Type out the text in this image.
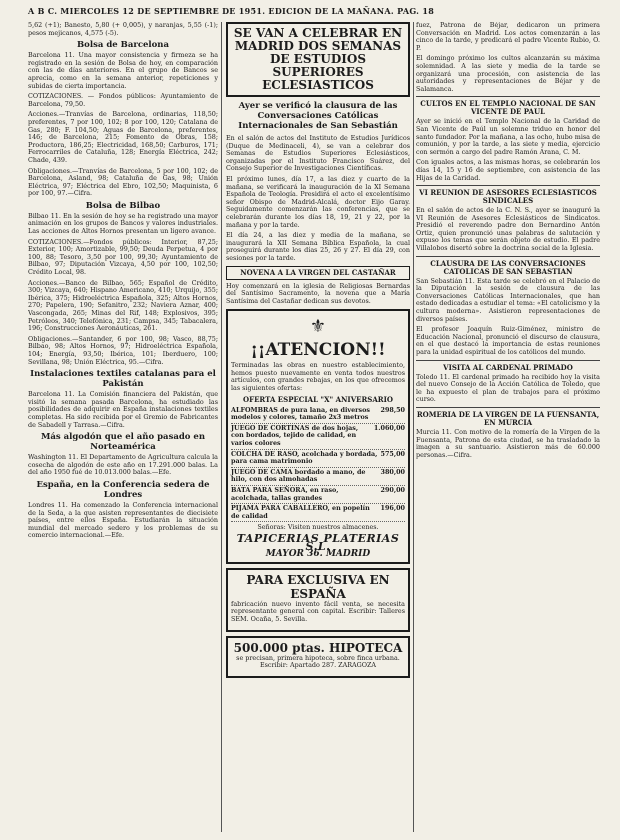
A B C. MIERCOLES 12 DE SEPTIEMBRE DE 1951. EDICION DE LA MAÑANA. PAG. 18

5,62 (+1); Banesto, 5,80 (+ 0,005), y naranjas, 5,55 (-1); pesos mejicanos, 4,575 (-5).

Bolsa de Barcelona

Barcelona 11. Una mayor consistencia y firmeza se ha registrado en la sesión de Bolsa de hoy, en comparación con las de días anteriores. En el grupo de Bancos se aprecia, como en la semana anterior, repeticiones y subidas de cierta importancia.

COTIZACIONES. — Fondos públicos: Ayuntamiento de Barcelona, 79,50.

Acciones.—Tranvías de Barcelona, ordinarias, 118,50; preferentes, 7 por 100, 102; 8 por 100, 120; Catalana de Gas, 280; F. 104,50; Aguas de Barcelona, preferentes, 146; de Barcelona, 215; Fomento de Obras, 158; Productora, 186,25; Electricidad, 168,50; Carburos, 171; Ferrocarriles de Cataluña, 128; Energía Eléctrica, 242; Chade, 439.

Obligaciones.—Tranvías de Barcelona, 5 por 100, 102; de Barcelona, Asland, 98; Cataluña de Gas, 98; Unión Eléctrica, 97; Eléctrica del Ebro, 102,50; Maquinista, 6 por 100, 97.—Cifra.

Bolsa de Bilbao

Bilbao 11. En la sesión de hoy se ha registrado una mayor animación en los grupos de Bancos y valores industriales. Las acciones de Altos Hornos presentan un ligero avance.

COTIZACIONES.—Fondos públicos: Interior, 87,25; Exterior, 100; Amortizable, 99,50; Deuda Perpetua, 4 por 100, 88; Tesoro, 3,50 por 100, 99,30; Ayuntamiento de Bilbao, 97; Diputación Vizcaya, 4,50 por 100, 102,50; Crédito Local, 98.

Acciones.—Banco de Bilbao, 565; Español de Crédito, 300; Vizcaya, 640; Hispano Americano, 410; Urquijo, 355; Ibérica, 375; Hidroeléctrica Española, 325; Altos Hornos, 270; Papelera, 190; Sefanitro, 232; Naviera Aznar, 400; Vascongada, 265; Minas del Rif, 148; Explosivos, 395; Petróleos, 340; Telefónica, 231; Campsa, 345; Tabacalera, 196; Construcciones Aeronáuticas, 261.

Obligaciones.—Santander, 6 por 100, 98; Vasco, 88,75; Bilbao, 98; Altos Hornos, 97; Hidroeléctrica Española, 104; Energía, 93,50; Ibérica, 101; Iberduero, 100; Sevillana, 98; Unión Eléctrica, 95.—Cifra.

Instalaciones textiles catalanas para el Pakistán

Barcelona 11. La Comisión financiera del Pakistán, que visitó la semana pasada Barcelona, ha estudiado las posibilidades de adquirir en España instalaciones textiles completas. Ha sido recibida por el Gremio de Fabricantes de Sabadell y Tarrasa.—Cifra.

Más algodón que el año pasado en Norteamérica

Washington 11. El Departamento de Agricultura calcula la cosecha de algodón de este año en 17.291.000 balas. La del año 1950 fué de 10.013.000 balas.—Efe.

España, en la Conferencia sedera de Londres

Londres 11. Ha comenzado la Conferencia internacional de la Seda, a la que asisten representantes de diecisiete países, entre ellos España. Estudiarán la situación mundial del mercado sedero y los problemas de su comercio internacional.—Efe.

SE VAN A CELEBRAR EN MADRID DOS SEMANAS DE ESTUDIOS SUPERIORES ECLESIASTICOS
Ayer se verificó la clausura de las Conversaciones Católicas Internacionales de San Sebastián

En el salón de actos del Instituto de Estudios Jurídicos (Duque de Medinaceli, 4), se van a celebrar dos Semanas de Estudios Superiores Eclesiásticos, organizadas por el Instituto Francisco Suárez, del Consejo Superior de Investigaciones Científicas.

El próximo lunes, día 17, a las diez y cuarto de la mañana, se verificará la inauguración de la XI Semana Española de Teología. Presidirá el acto el excelentísimo señor Obispo de Madrid-Alcalá, doctor Eijo Garay. Seguidamente comenzarán las conferencias, que se celebrarán durante los días 18, 19, 21 y 22, por la mañana y por la tarde.

El día 24, a las diez y media de la mañana, se inaugurará la XII Semana Bíblica Española, la cual proseguirá durante los días 25, 26 y 27. El día 29, con sesiones por la tarde.

NOVENA A LA VIRGEN DEL CASTAÑAR

Hoy comenzará en la iglesia de Religiosas Bernardas del Santísimo Sacramento, la novena que a María Santísima del Castañar dedican sus devotos.

⚜
¡¡ATENCION!!

Terminadas las obras en nuestro establecimiento, hemos puesto nuevamente en venta todos nuestros artículos, con grandes rebajas, en los que ofrecemos las siguientes ofertas:

OFERTA ESPECIAL "X" ANIVERSARIO
ALFOMBRAS de pura lana, en diversos modelos y colores, tamaño 2x3 metros
298,50
JUEGO DE CORTINAS de dos hojas, con bordados, tejido de calidad, en varios colores
1.060,00
COLCHA DE RASO, acolchada y bordada, para cama matrimonio
575,00
JUEGO DE CAMA bordado a mano, de hilo, con dos almohadas
380,00
BATA PARA SEÑORA, en raso, acolchada, tallas grandes
290,00
PIJAMA PARA CABALLERO, en popelín de calidad
196,00

Señoras: Visiten nuestros almacenes.

TAPICERIAS PLATERIAS S.L.
MAYOR 36. MADRID
PARA EXCLUSIVA EN ESPAÑA

fabricación nuevo invento fácil venta, se necesita representante general con capital. Escribir: Talleres SEM. Ocaña, 5. Sevilla.

500.000 ptas. HIPOTECA

se precisan, primera hipoteca, sobre finca urbana. Escribir: Apartado 287. ZARAGOZA

fuez, Patrona de Béjar, dedicaron un primera Conversación en Madrid. Los actos comenzarán a las cinco de la tarde, y predicará el padre Vicente Rubio, O. P.

El domingo próximo los cultos alcanzarán su máxima solemnidad. A las siete y media de la tarde se organizará una procesión, con asistencia de las autoridades y representaciones de Béjar y de Salamanca.

CULTOS EN EL TEMPLO NACIONAL DE SAN VICENTE DE PAUL

Ayer se inició en el Templo Nacional de la Caridad de San Vicente de Paúl un solemne triduo en honor del santo fundador. Por la mañana, a las ocho, hubo misa de comunión, y por la tarde, a las siete y media, ejercicio con sermón a cargo del padre Ramón Arana, C. M.

Con iguales actos, a las mismas horas, se celebrarán los días 14, 15 y 16 de septiembre, con asistencia de las Hijas de la Caridad.

VI REUNION DE ASESORES ECLESIASTICOS SINDICALES

En el salón de actos de la C. N. S., ayer se inauguró la VI Reunión de Asesores Eclesiásticos de Sindicatos. Presidió el reverendo padre don Bernardino Antón Ortiz, quien pronunció unas palabras de salutación y expuso los temas que serán objeto de estudio. El padre Villalobos disertó sobre la doctrina social de la Iglesia.

CLAUSURA DE LAS CONVERSACIONES CATOLICAS DE SAN SEBASTIAN

San Sebastián 11. Esta tarde se celebró en el Palacio de la Diputación la sesión de clausura de las Conversaciones Católicas Internacionales, que han estado dedicadas a estudiar el tema: «El catolicismo y la cultura moderna». Asistieron representaciones de diversos países.

El profesor Joaquín Ruiz-Giménez, ministro de Educación Nacional, pronunció el discurso de clausura, en el que destacó la importancia de estas reuniones para la unidad espiritual de los católicos del mundo.

VISITA AL CARDENAL PRIMADO

Toledo 11. El cardenal primado ha recibido hoy la visita del nuevo Consejo de la Acción Católica de Toledo, que le ha expuesto el plan de trabajos para el próximo curso.

ROMERIA DE LA VIRGEN DE LA FUENSANTA, EN MURCIA

Murcia 11. Con motivo de la romería de la Virgen de la Fuensanta, Patrona de esta ciudad, se ha trasladado la imagen a su santuario. Asistieron más de 60.000 personas.—Cifra.
